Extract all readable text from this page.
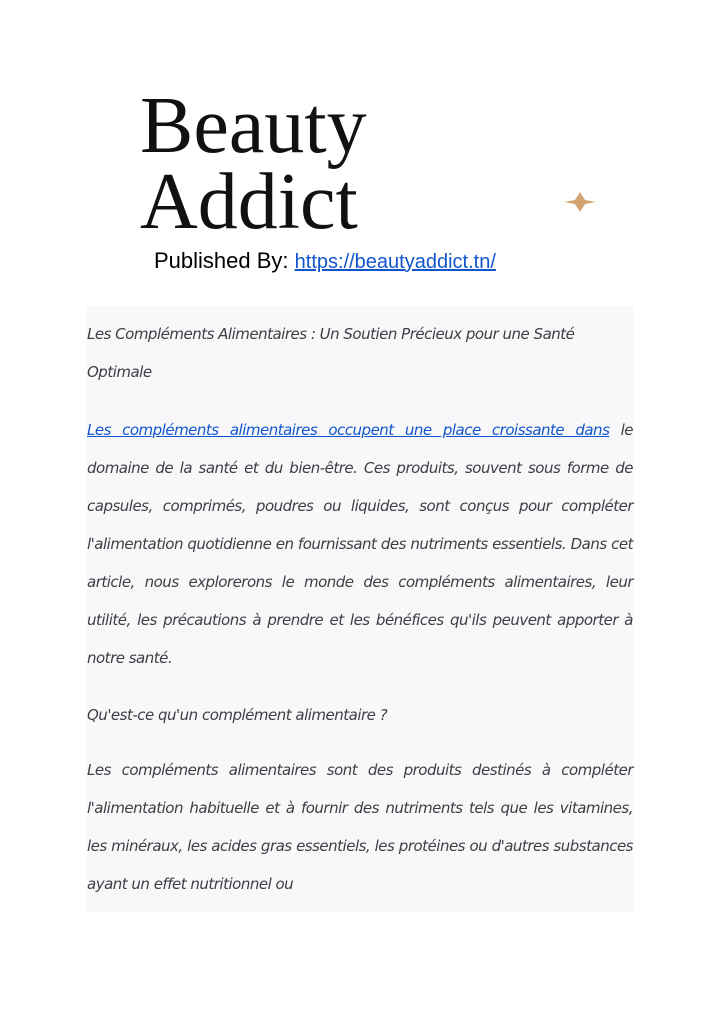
Beauty
Addict
Published By: https://beautyaddict.tn/

Les Compléments Alimentaires : Un Soutien Précieux pour une Santé Optimale

Les compléments alimentaires occupent une place croissante dans le domaine de la santé et du bien-être. Ces produits, souvent sous forme de capsules, comprimés, poudres ou liquides, sont conçus pour compléter l'alimentation quotidienne en fournissant des nutriments essentiels. Dans cet article, nous explorerons le monde des compléments alimentaires, leur utilité, les précautions à prendre et les bénéfices qu'ils peuvent apporter à notre santé.

Qu'est-ce qu'un complément alimentaire ?

Les compléments alimentaires sont des produits destinés à compléter l'alimentation habituelle et à fournir des nutriments tels que les vitamines, les minéraux, les acides gras essentiels, les protéines ou d'autres substances ayant un effet nutritionnel ou
